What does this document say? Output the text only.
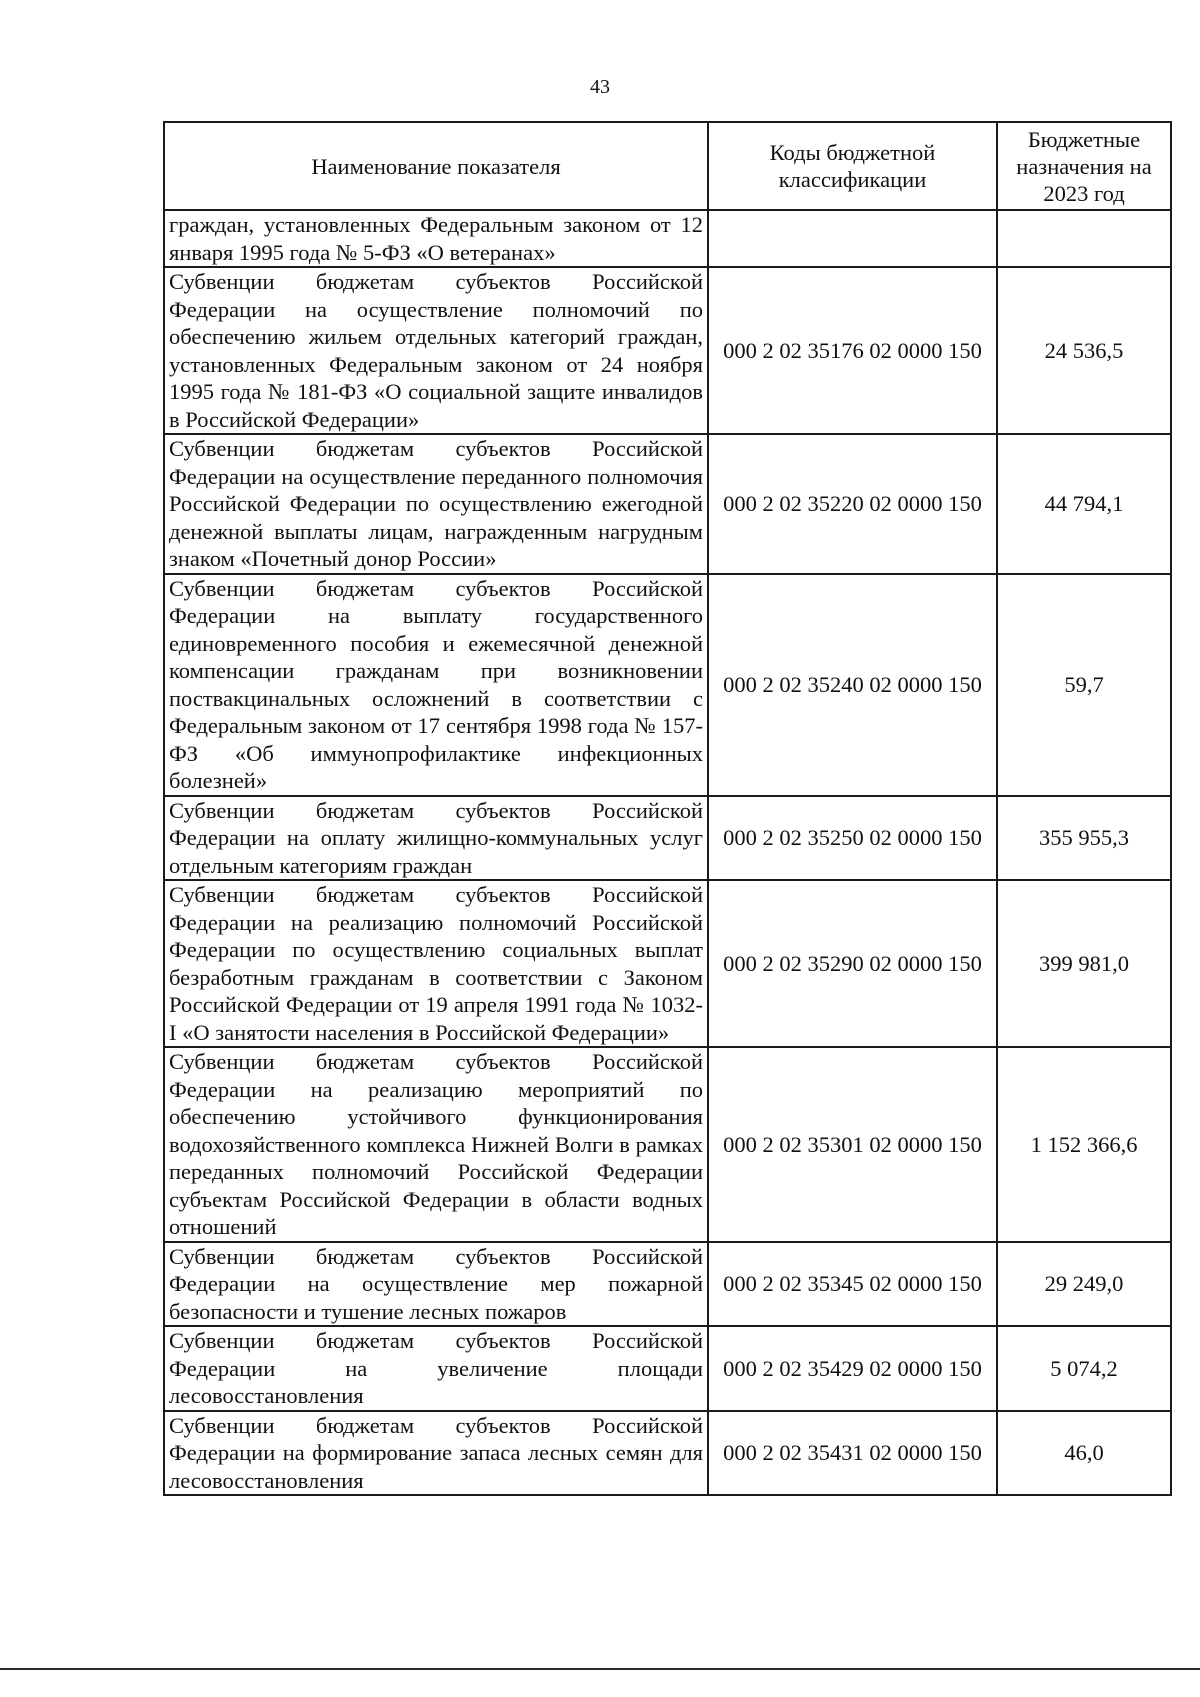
43
Наименование показателя	Коды бюджетной классификации	Бюджетные назначения на 2023 год
граждан, установленных Федеральным законом от 12 января 1995 года № 5-ФЗ «О ветеранах»		
Субвенции бюджетам субъектов Российской Федерации на осуществление полномочий по обеспечению жильем отдельных категорий граждан, установленных Федеральным законом от 24 ноября 1995 года № 181-ФЗ «О социальной защите инвалидов в Российской Федерации»	000 2 02 35176 02 0000 150	24 536,5
Субвенции бюджетам субъектов Российской Федерации на осуществление переданного полномочия Российской Федерации по осуществлению ежегодной денежной выплаты лицам, награжденным нагрудным знаком «Почетный донор России»	000 2 02 35220 02 0000 150	44 794,1
Субвенции бюджетам субъектов Российской Федерации на выплату государственного единовременного пособия и ежемесячной денежной компенсации гражданам при возникновении поствакцинальных осложнений в соответствии с Федеральным законом от 17 сентября 1998 года № 157-ФЗ «Об иммунопрофилактике инфекционных болезней»	000 2 02 35240 02 0000 150	59,7
Субвенции бюджетам субъектов Российской Федерации на оплату жилищно-коммунальных услуг отдельным категориям граждан	000 2 02 35250 02 0000 150	355 955,3
Субвенции бюджетам субъектов Российской Федерации на реализацию полномочий Российской Федерации по осуществлению социальных выплат безработным гражданам в соответствии с Законом Российской Федерации от 19 апреля 1991 года № 1032-I «О занятости населения в Российской Федерации»	000 2 02 35290 02 0000 150	399 981,0
Субвенции бюджетам субъектов Российской Федерации на реализацию мероприятий по обеспечению устойчивого функционирования водохозяйственного комплекса Нижней Волги в рамках переданных полномочий Российской Федерации субъектам Российской Федерации в области водных отношений	000 2 02 35301 02 0000 150	1 152 366,6
Субвенции бюджетам субъектов Российской Федерации на осуществление мер пожарной безопасности и тушение лесных пожаров	000 2 02 35345 02 0000 150	29 249,0
Субвенции бюджетам субъектов Российской Федерации на увеличение площади лесовосстановления	000 2 02 35429 02 0000 150	5 074,2
Субвенции бюджетам субъектов Российской Федерации на формирование запаса лесных семян для лесовосстановления	000 2 02 35431 02 0000 150	46,0
